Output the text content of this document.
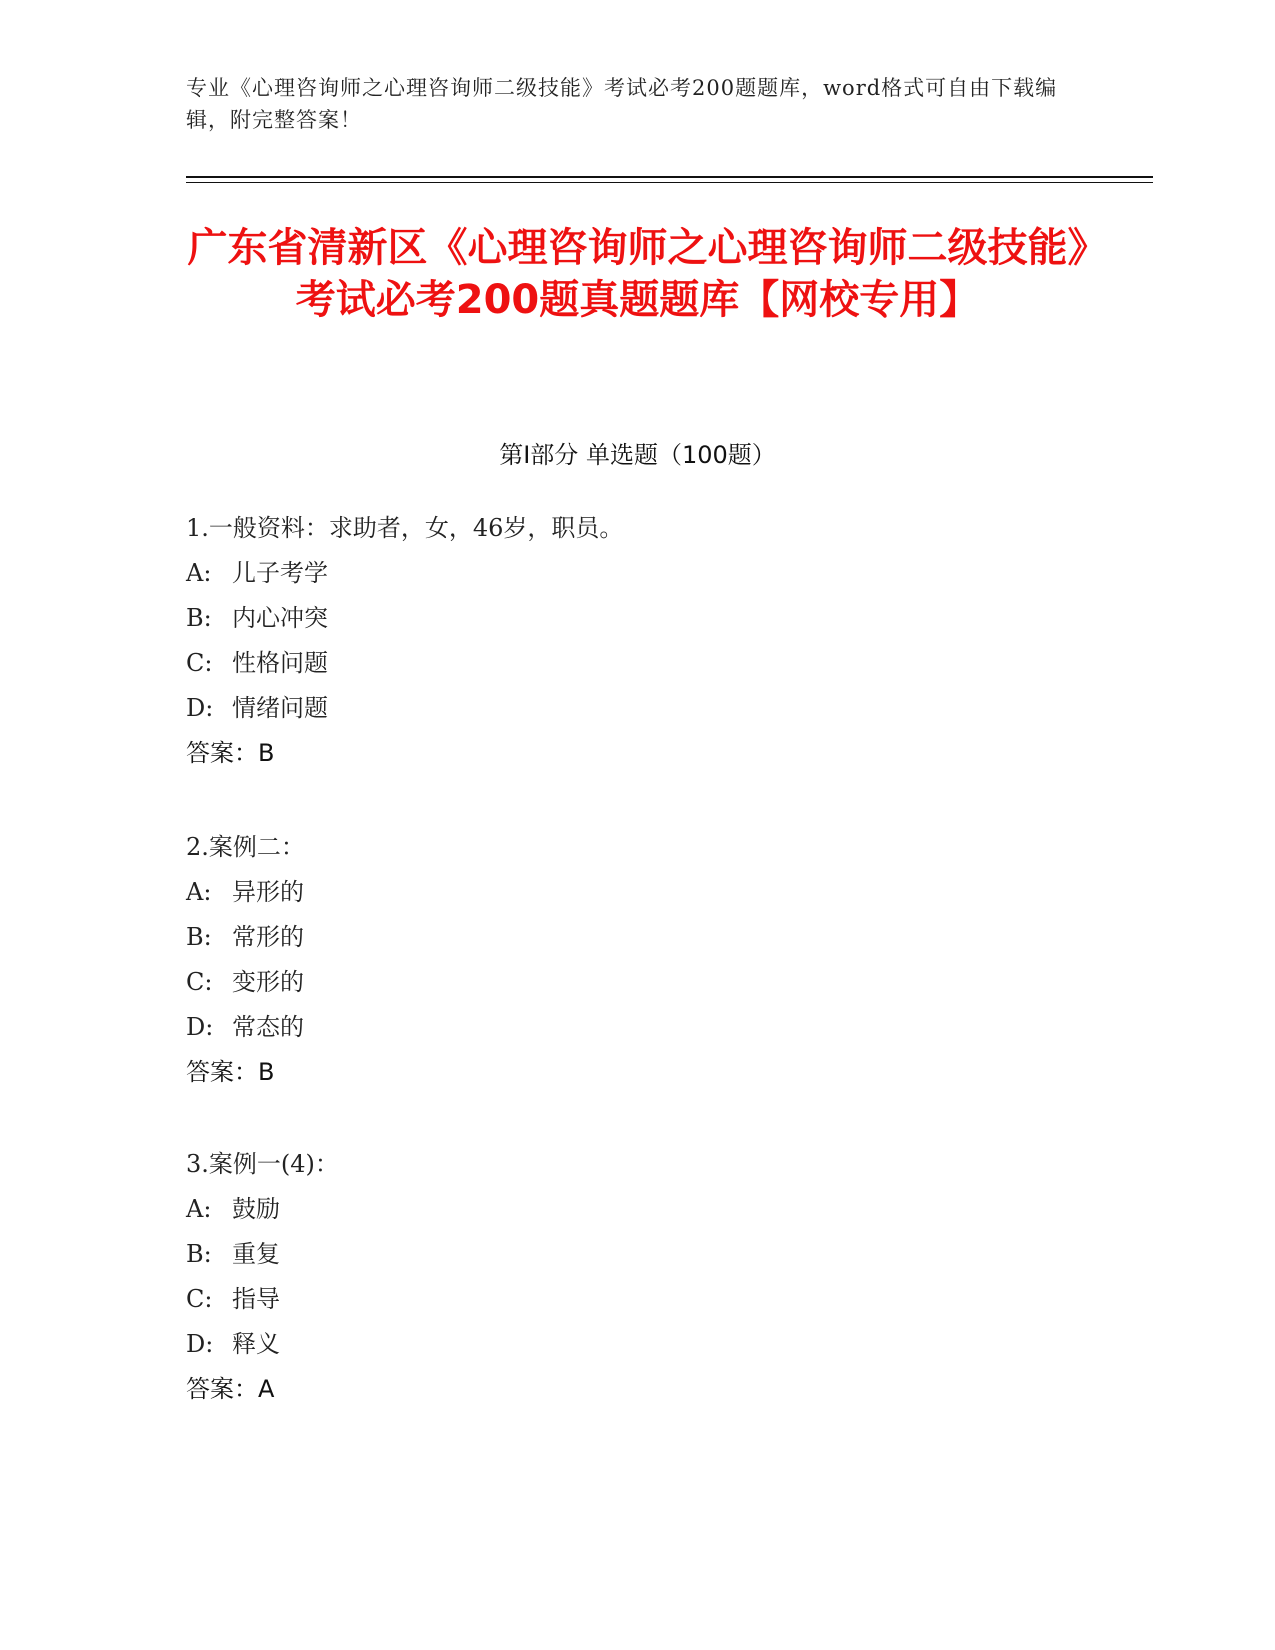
专业《心理咨询师之心理咨询师二级技能》考试必考200题题库，word格式可自由下载编辑，附完整答案！
广东省清新区《心理咨询师之心理咨询师二级技能》考试必考200题真题题库【网校专用】
第I部分 单选题（100题）
1.一般资料：求助者，女，46岁，职员。
A: 儿子考学
B: 内心冲突
C: 性格问题
D: 情绪问题
答案：B
2.案例二：
A: 异形的
B: 常形的
C: 变形的
D: 常态的
答案：B
3.案例一(4)：
A: 鼓励
B: 重复
C: 指导
D: 释义
答案：A
